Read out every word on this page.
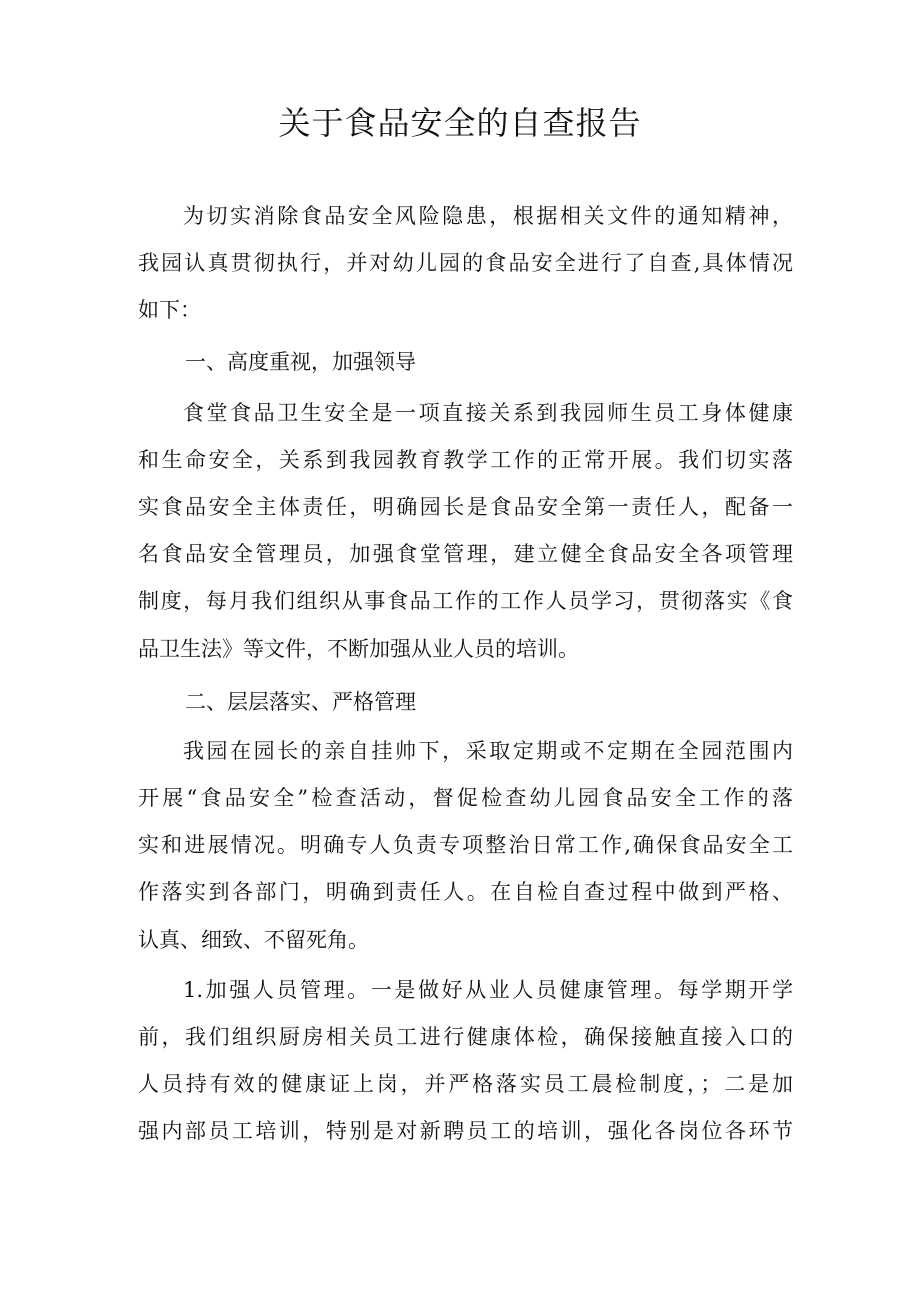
关于食品安全的自查报告

为切实消除食品安全风险隐患，根据相关文件的通知精神，

我园认真贯彻执行，并对幼儿园的食品安全进行了自查,具体情况

如下：

一、高度重视，加强领导

食堂食品卫生安全是一项直接关系到我园师生员工身体健康

和生命安全，关系到我园教育教学工作的正常开展。我们切实落

实食品安全主体责任，明确园长是食品安全第一责任人，配备一

名食品安全管理员，加强食堂管理，建立健全食品安全各项管理

制度，每月我们组织从事食品工作的工作人员学习，贯彻落实《食

品卫生法》等文件，不断加强从业人员的培训。

二、层层落实、严格管理

我园在园长的亲自挂帅下，采取定期或不定期在全园范围内

开展“食品安全”检查活动，督促检查幼儿园食品安全工作的落

实和进展情况。明确专人负责专项整治日常工作,确保食品安全工

作落实到各部门，明确到责任人。在自检自查过程中做到严格、

认真、细致、不留死角。

1.加强人员管理。一是做好从业人员健康管理。每学期开学

前，我们组织厨房相关员工进行健康体检，确保接触直接入口的

人员持有效的健康证上岗，并严格落实员工晨检制度，；二是加

强内部员工培训，特别是对新聘员工的培训，强化各岗位各环节
